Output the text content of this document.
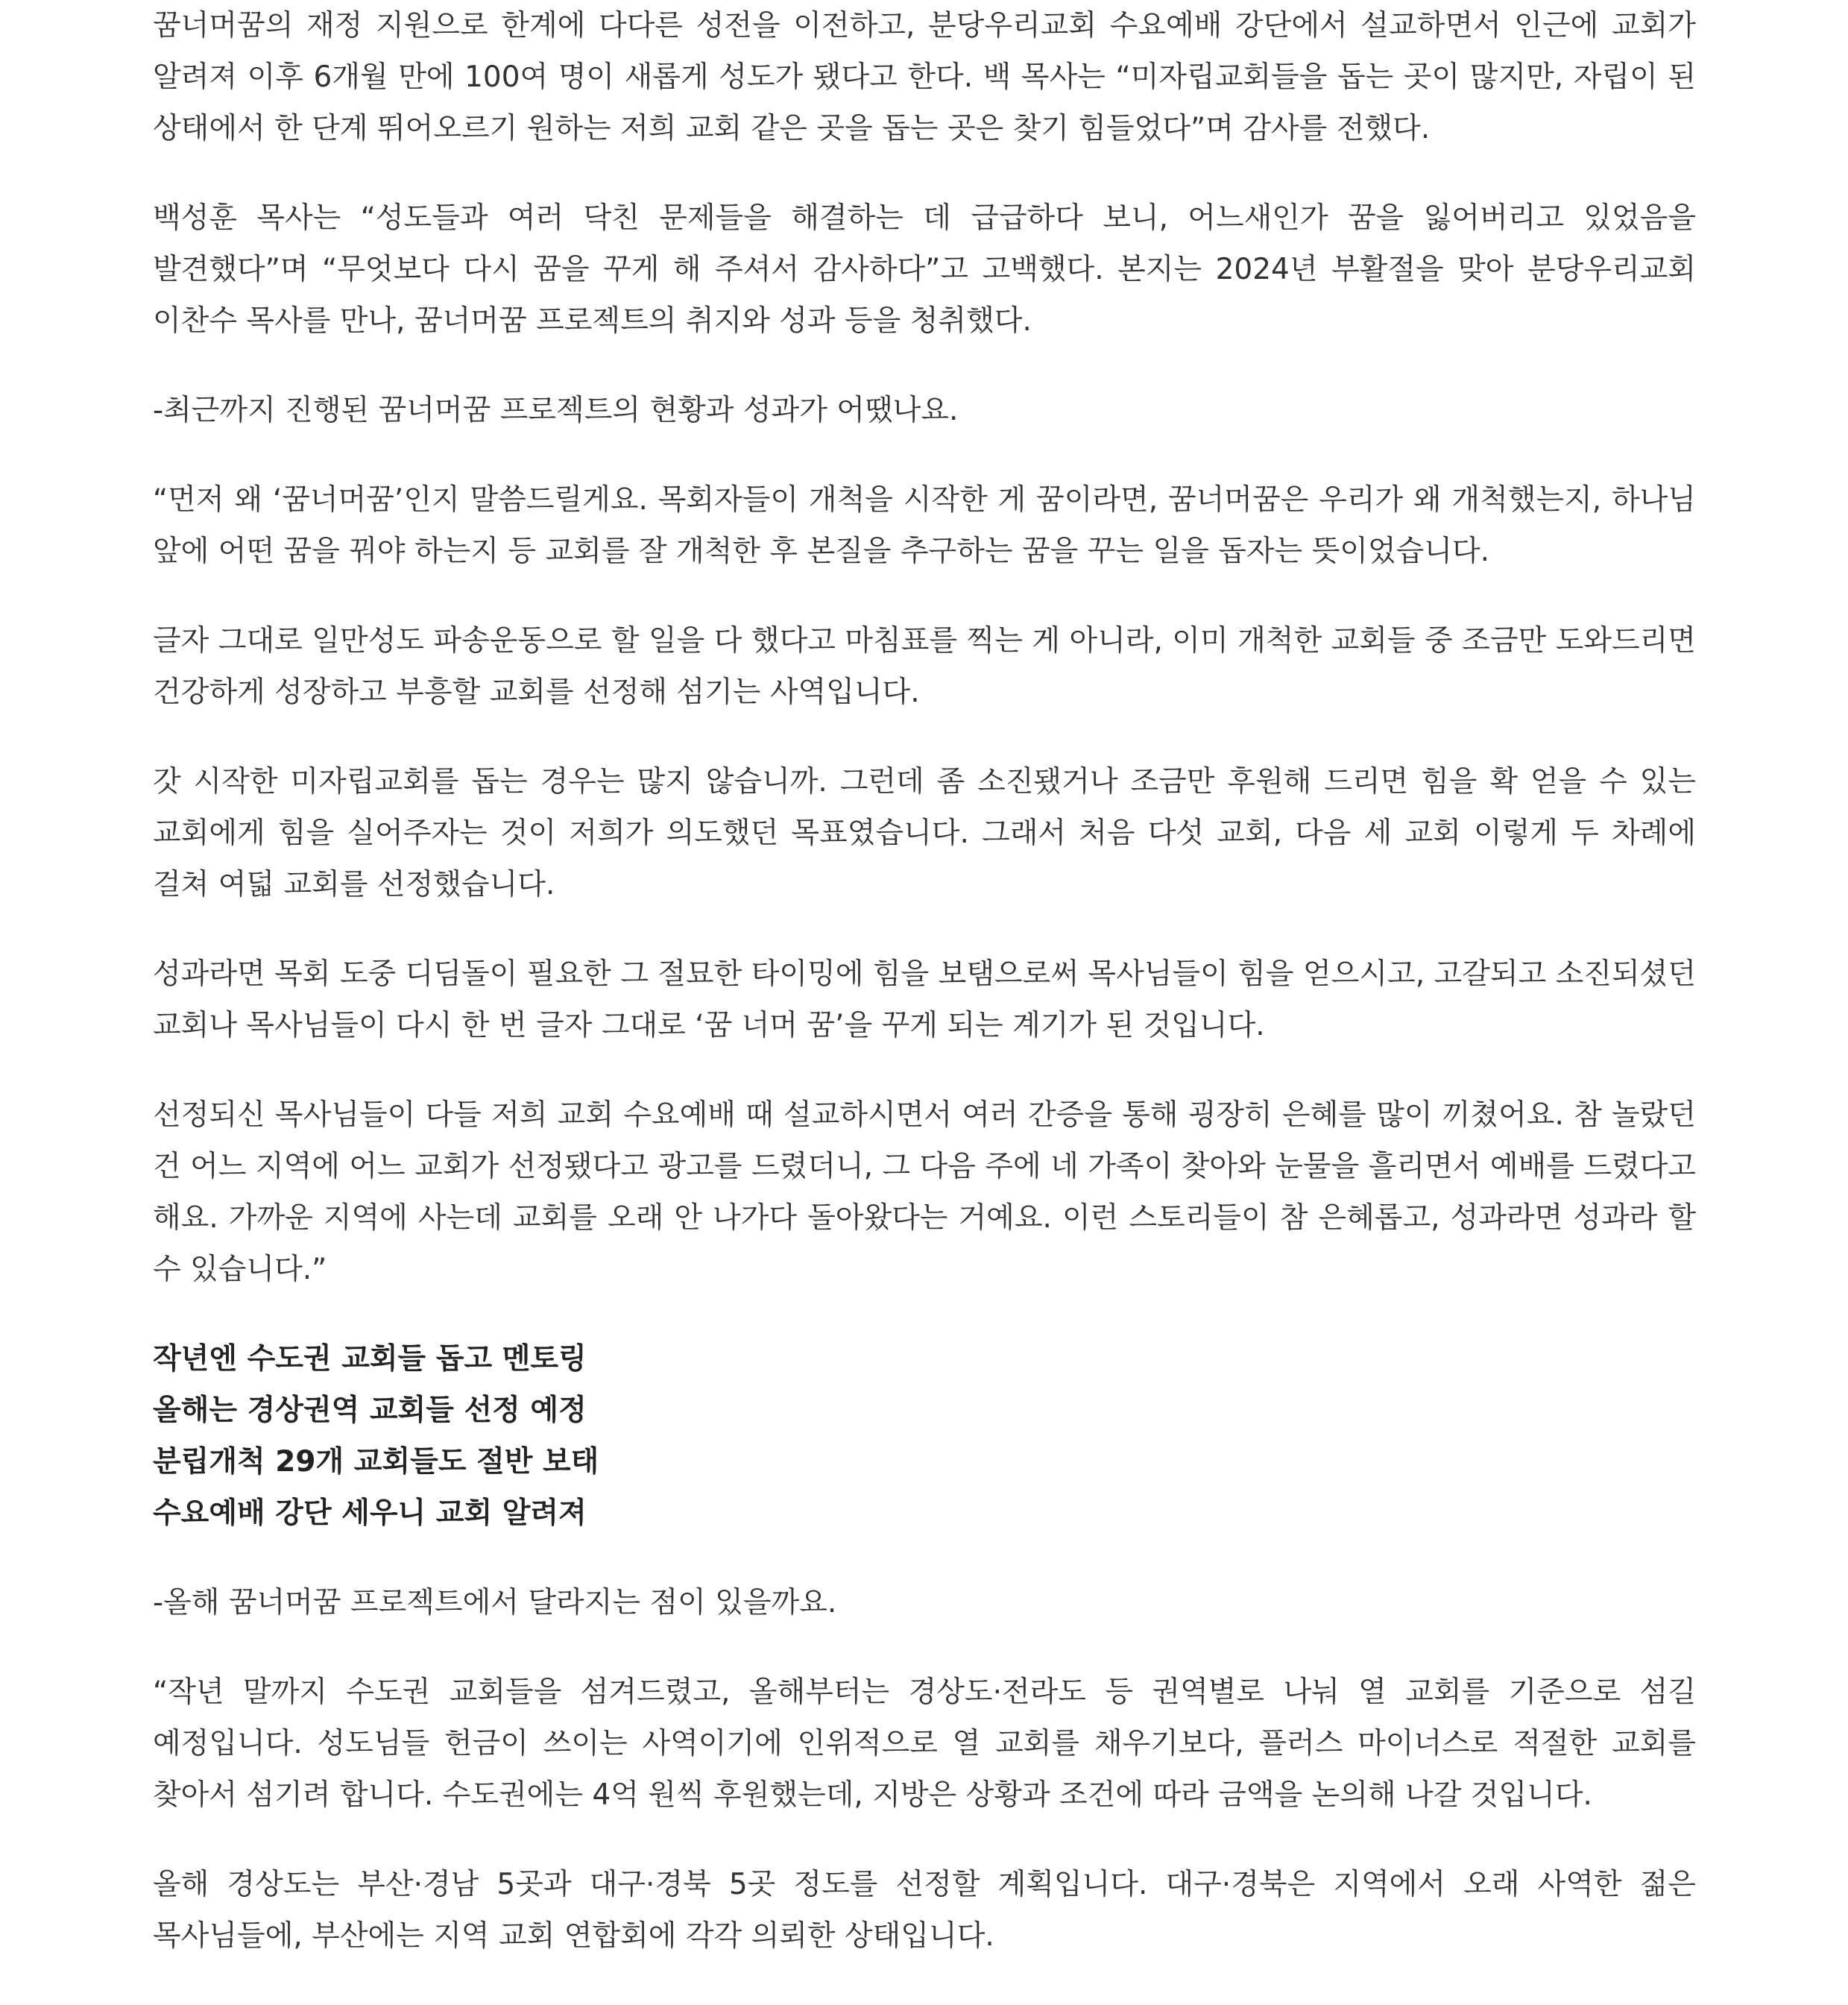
꿈너머꿈의 재정 지원으로 한계에 다다른 성전을 이전하고, 분당우리교회 수요예배 강단에서 설교하면서 인근에 교회가 알려져 이후 6개월 만에 100여 명이 새롭게 성도가 됐다고 한다. 백 목사는 “미자립교회들을 돕는 곳이 많지만, 자립이 된 상태에서 한 단계 뛰어오르기 원하는 저희 교회 같은 곳을 돕는 곳은 찾기 힘들었다”며 감사를 전했다.

백성훈 목사는 “성도들과 여러 닥친 문제들을 해결하는 데 급급하다 보니, 어느새인가 꿈을 잃어버리고 있었음을 발견했다”며 “무엇보다 다시 꿈을 꾸게 해 주셔서 감사하다”고 고백했다. 본지는 2024년 부활절을 맞아 분당우리교회 이찬수 목사를 만나, 꿈너머꿈 프로젝트의 취지와 성과 등을 청취했다.

-최근까지 진행된 꿈너머꿈 프로젝트의 현황과 성과가 어땠나요.

“먼저 왜 ‘꿈너머꿈’인지 말씀드릴게요. 목회자들이 개척을 시작한 게 꿈이라면, 꿈너머꿈은 우리가 왜 개척했는지, 하나님 앞에 어떤 꿈을 꿔야 하는지 등 교회를 잘 개척한 후 본질을 추구하는 꿈을 꾸는 일을 돕자는 뜻이었습니다.

글자 그대로 일만성도 파송운동으로 할 일을 다 했다고 마침표를 찍는 게 아니라, 이미 개척한 교회들 중 조금만 도와드리면 건강하게 성장하고 부흥할 교회를 선정해 섬기는 사역입니다.

갓 시작한 미자립교회를 돕는 경우는 많지 않습니까. 그런데 좀 소진됐거나 조금만 후원해 드리면 힘을 확 얻을 수 있는 교회에게 힘을 실어주자는 것이 저희가 의도했던 목표였습니다. 그래서 처음 다섯 교회, 다음 세 교회 이렇게 두 차례에 걸쳐 여덟 교회를 선정했습니다.

성과라면 목회 도중 디딤돌이 필요한 그 절묘한 타이밍에 힘을 보탬으로써 목사님들이 힘을 얻으시고, 고갈되고 소진되셨던 교회나 목사님들이 다시 한 번 글자 그대로 ‘꿈 너머 꿈’을 꾸게 되는 계기가 된 것입니다.

선정되신 목사님들이 다들 저희 교회 수요예배 때 설교하시면서 여러 간증을 통해 굉장히 은혜를 많이 끼쳤어요. 참 놀랐던 건 어느 지역에 어느 교회가 선정됐다고 광고를 드렸더니, 그 다음 주에 네 가족이 찾아와 눈물을 흘리면서 예배를 드렸다고 해요. 가까운 지역에 사는데 교회를 오래 안 나가다 돌아왔다는 거예요. 이런 스토리들이 참 은혜롭고, 성과라면 성과라 할 수 있습니다.”

작년엔 수도권 교회들 돕고 멘토링
올해는 경상권역 교회들 선정 예정
분립개척 29개 교회들도 절반 보태
수요예배 강단 세우니 교회 알려져

-올해 꿈너머꿈 프로젝트에서 달라지는 점이 있을까요.

“작년 말까지 수도권 교회들을 섬겨드렸고, 올해부터는 경상도·전라도 등 권역별로 나눠 열 교회를 기준으로 섬길 예정입니다. 성도님들 헌금이 쓰이는 사역이기에 인위적으로 열 교회를 채우기보다, 플러스 마이너스로 적절한 교회를 찾아서 섬기려 합니다. 수도권에는 4억 원씩 후원했는데, 지방은 상황과 조건에 따라 금액을 논의해 나갈 것입니다.

올해 경상도는 부산·경남 5곳과 대구·경북 5곳 정도를 선정할 계획입니다. 대구·경북은 지역에서 오래 사역한 젊은 목사님들에, 부산에는 지역 교회 연합회에 각각 의뢰한 상태입니다.
